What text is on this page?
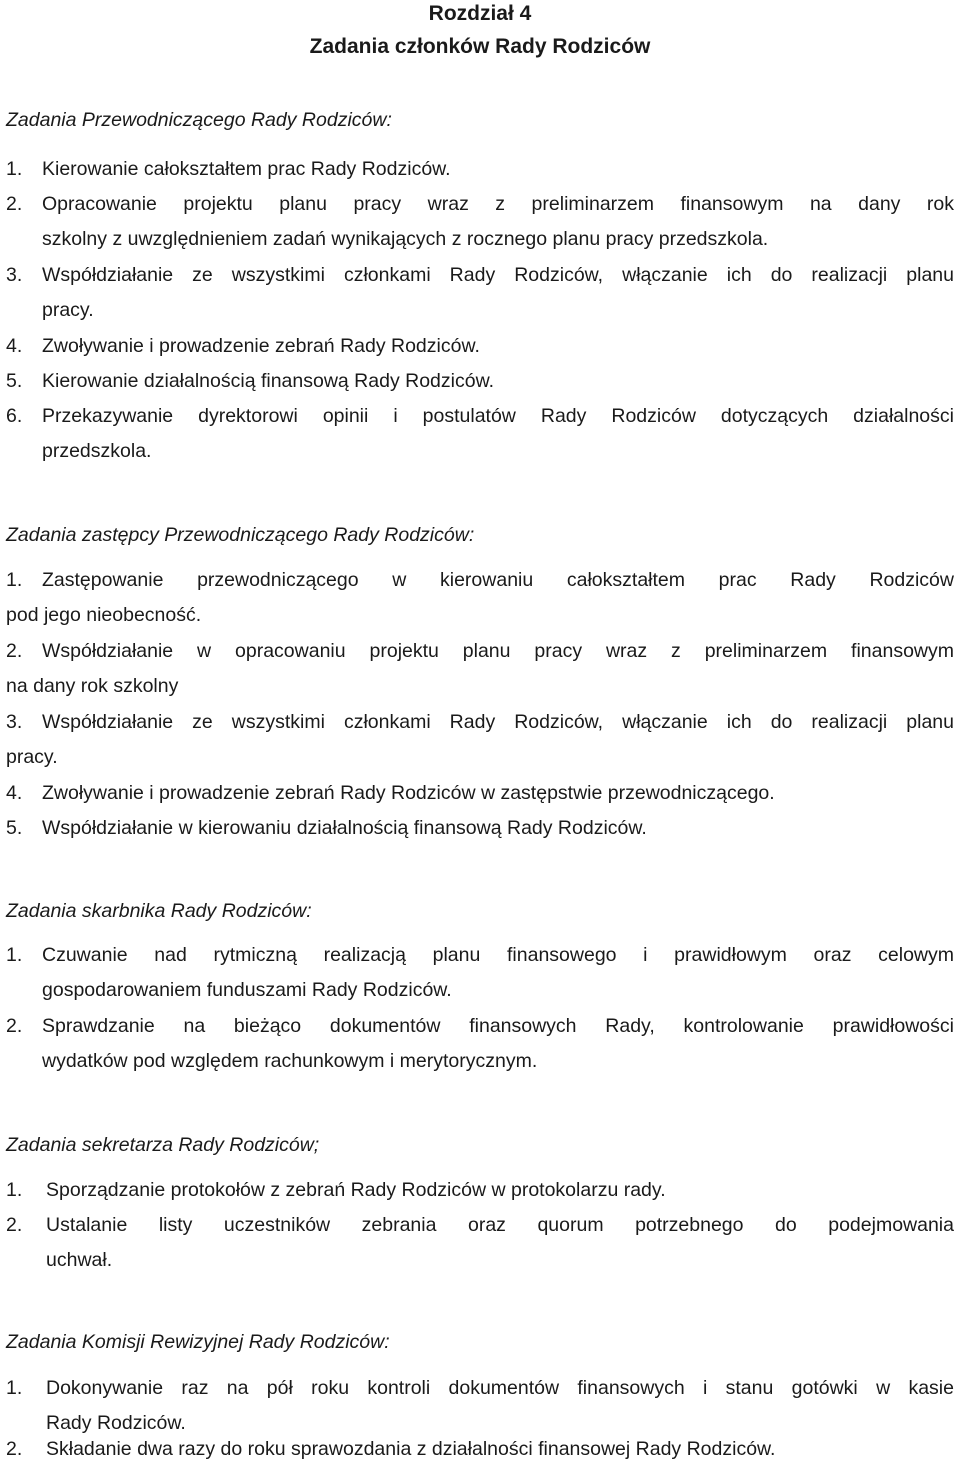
Rozdział 4
Zadania członków Rady Rodziców
Zadania Przewodniczącego Rady Rodziców:
1. Kierowanie całokształtem prac Rady Rodziców.
2. Opracowanie projektu planu pracy wraz z preliminarzem finansowym na dany rok
szkolny z uwzględnieniem zadań wynikających z rocznego planu pracy przedszkola.
3. Współdziałanie ze wszystkimi członkami Rady Rodziców, włączanie ich do realizacji planu
pracy.
4. Zwoływanie i prowadzenie zebrań Rady Rodziców.
5. Kierowanie działalnością finansową Rady Rodziców.
6. Przekazywanie dyrektorowi opinii i postulatów Rady Rodziców dotyczących działalności
przedszkola.
Zadania zastępcy Przewodniczącego Rady Rodziców:
1. Zastępowanie przewodniczącego w kierowaniu całokształtem prac Rady Rodziców
pod jego nieobecność.
2. Współdziałanie w opracowaniu projektu planu pracy wraz z preliminarzem finansowym
na dany rok szkolny
3. Współdziałanie ze wszystkimi członkami Rady Rodziców, włączanie ich do realizacji planu
pracy.
4. Zwoływanie i prowadzenie zebrań Rady Rodziców w zastępstwie przewodniczącego.
5. Współdziałanie w kierowaniu działalnością finansową Rady Rodziców.
Zadania skarbnika Rady Rodziców:
1. Czuwanie nad rytmiczną realizacją planu finansowego i prawidłowym oraz celowym
gospodarowaniem funduszami Rady Rodziców.
2. Sprawdzanie na bieżąco dokumentów finansowych Rady, kontrolowanie prawidłowości
wydatków pod względem rachunkowym i merytorycznym.
Zadania sekretarza Rady Rodziców;
1. Sporządzanie protokołów z zebrań Rady Rodziców w protokolarzu rady.
2. Ustalanie listy uczestników zebrania oraz quorum potrzebnego do podejmowania
uchwał.
Zadania Komisji Rewizyjnej Rady Rodziców:
1. Dokonywanie raz na pół roku kontroli dokumentów finansowych i stanu gotówki w kasie
Rady Rodziców.
2. Składanie dwa razy do roku sprawozdania z działalności finansowej Rady Rodziców.
